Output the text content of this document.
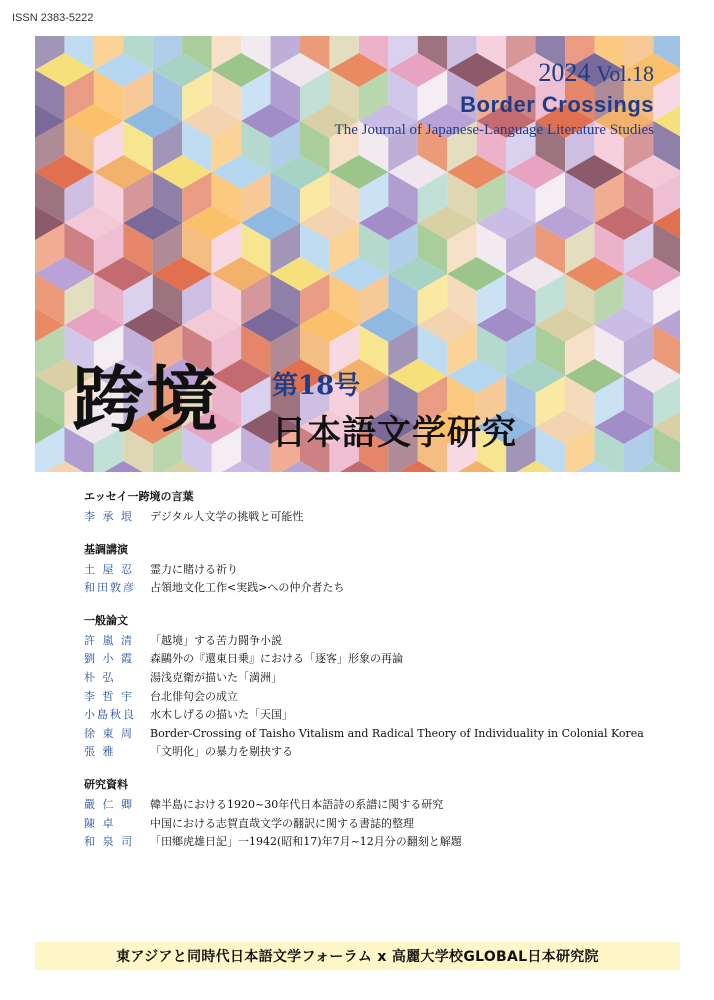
ISSN 2383-5222
2024 Vol.18
Border Crossings
The Journal of Japanese-Language Literature Studies
跨境 第18号
日本語文学研究
エッセイ一跨境の言葉
李 承 垠	デジタル人文学の挑戦と可能性
基調講演
土 屋 忍	霊力に賭ける祈り
和田敦彦	占領地文化工作<実践>への仲介者たち
一般論文
許 嵐 清	「越境」する苦力闘争小説
劉 小 霞	森鷗外の『還東日乗』における「逐客」形象の再論
朴 弘	湯浅克衛が描いた「満洲」
李 哲 宇	台北俳句会の成立
小島秋良	水木しげるの描いた「天国」
徐 東 周	Border-Crossing of Taisho Vitalism and Radical Theory of Individuality in Colonial Korea
張 雅	「文明化」の暴力を剔抉する
研究資料
嚴 仁 卿	韓半島における1920~30年代日本語詩の系譜に関する研究
陳 卓	中国における志賀直哉文学の翻訳に関する書誌的整理
和 泉 司	「田鄉虎雄日記」一1942(昭和17)年7月~12月分の翻刻と解題
東アジアと同時代日本語文学フォーラム x 高麗大学校GLOBAL日本研究院
